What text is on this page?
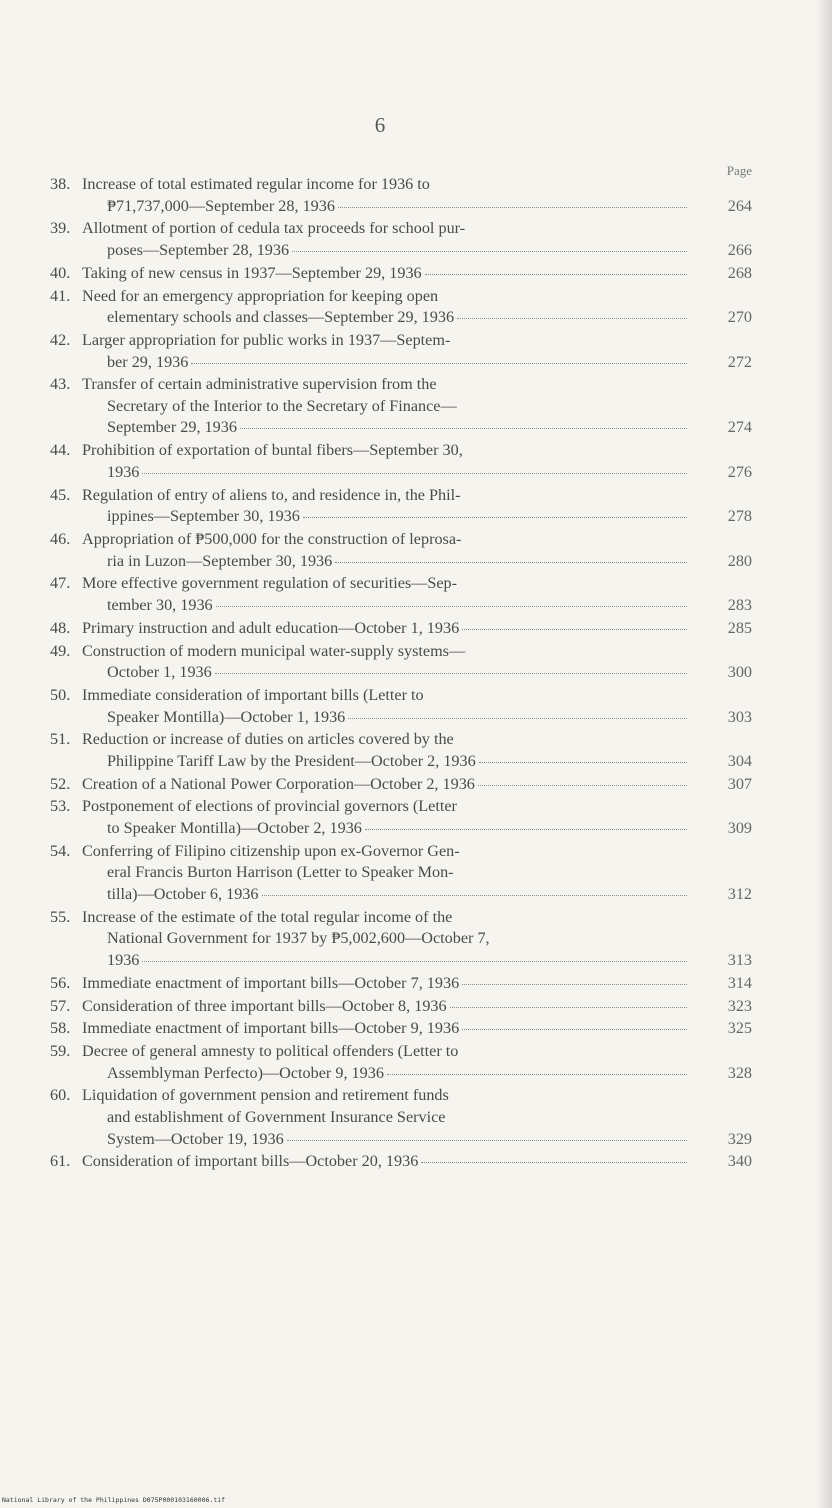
6
Page
38. Increase of total estimated regular income for 1936 to
₱71,737,000—September 28, 1936	264
39. Allotment of portion of cedula tax proceeds for school pur-
poses—September 28, 1936	266
40. Taking of new census in 1937—September 29, 1936	268
41. Need for an emergency appropriation for keeping open
elementary schools and classes—September 29, 1936	270
42. Larger appropriation for public works in 1937—Septem-
ber 29, 1936	272
43. Transfer of certain administrative supervision from the
Secretary of the Interior to the Secretary of Finance—
September 29, 1936	274
44. Prohibition of exportation of buntal fibers—September 30,
1936	276
45. Regulation of entry of aliens to, and residence in, the Phil-
ippines—September 30, 1936	278
46. Appropriation of ₱500,000 for the construction of leprosa-
ria in Luzon—September 30, 1936	280
47. More effective government regulation of securities—Sep-
tember 30, 1936	283
48. Primary instruction and adult education—October 1, 1936	285
49. Construction of modern municipal water-supply systems—
October 1, 1936	300
50. Immediate consideration of important bills (Letter to
Speaker Montilla)—October 1, 1936	303
51. Reduction or increase of duties on articles covered by the
Philippine Tariff Law by the President—October 2, 1936	304
52. Creation of a National Power Corporation—October 2, 1936	307
53. Postponement of elections of provincial governors (Letter
to Speaker Montilla)—October 2, 1936	309
54. Conferring of Filipino citizenship upon ex-Governor Gen-
eral Francis Burton Harrison (Letter to Speaker Mon-
tilla)—October 6, 1936	312
55. Increase of the estimate of the total regular income of the
National Government for 1937 by ₱5,002,600—October 7,
1936	313
56. Immediate enactment of important bills—October 7, 1936	314
57. Consideration of three important bills—October 8, 1936	323
58. Immediate enactment of important bills—October 9, 1936	325
59. Decree of general amnesty to political offenders (Letter to
Assemblyman Perfecto)—October 9, 1936	328
60. Liquidation of government pension and retirement funds
and establishment of Government Insurance Service
System—October 19, 1936	329
61. Consideration of important bills—October 20, 1936	340
National Library of the Philippines D075P000103160006.tif
